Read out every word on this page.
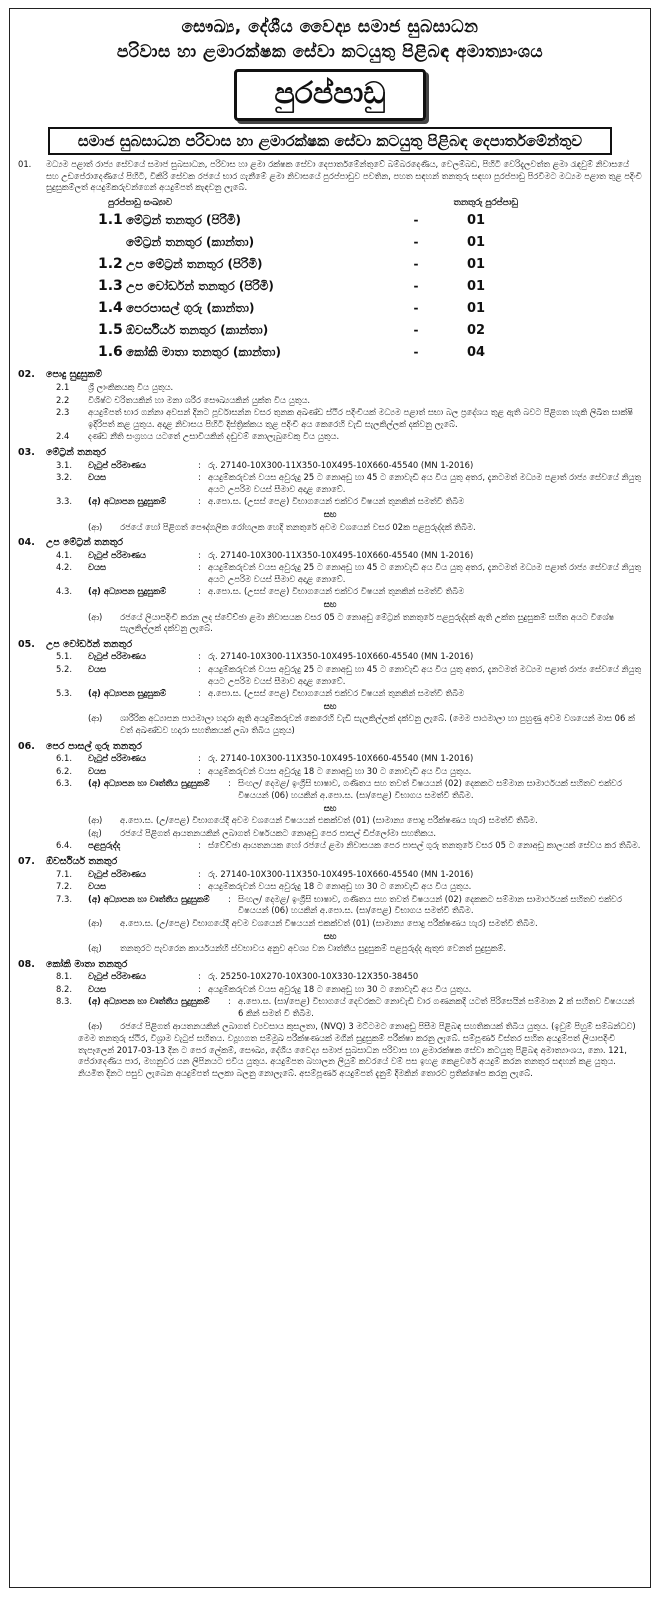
සෞඛ්‍ය, දේශීය වෛද්‍ය සමාජ සුබසාධන
පරිවාස හා ළමාරක්ෂක සේවා කටයුතු පිළිබඳ අමාත්‍යාංශය
පුරප්පාඩු
සමාජ සුබසාධන පරිවාස හා ළමාරක්ෂක සේවා කටයුතු පිළිබඳ දෙපාර්තමේන්තුව
01.	මධ්‍යම පළාත් රාජ්‍ය සේවයේ සමාජ සුබසාධන, පරිවාස හා ළමා රක්ෂක සේවා දෙපාර්තමේන්තුවේ බම්බරදෙණිය, වෙලම්බඩ, පිහිටි වෙරිදැලවත්ත ළමා රැඳවුම් නිවාසයේ සහ උඩපේරාදෙණියේ පිහිටි, විකිරි සේවක රජයේ භාර ගැනීමේ ළමා නිවාසයේ පුරප්පාඩුව පවතින, පහත සඳහන් තනතුරු සඳහා පුරප්පාඩු පිරවීමට මධ්‍යම පළාත තුළ පදිංචි සුදුසුකම්ලත් අයදුම්කරුවන්ගෙන් අයදුම්පත් කැඳවනු ලැබේ.
පුරප්පාඩු සංඛ්‍යාව	තනතුරු පුරප්පාඩු
1.1 මේට්‍රන් තනතුර (පිරිමි)	-	01
මේට්‍රන් තනතුර (කාන්තා)	-	01
1.2 උප මේට්‍රන් තනතුර (පිරිමි)	-	01
1.3 උප වෝර්ඩන් තනතුර (පිරිමි)	-	01
1.4 පෙරපාසල් ගුරු (කාන්තා)	-	01
1.5 ඕවර්සියර් තනතුර (කාන්තා)	-	02
1.6 කෝකි මාතා තනතුර (කාන්තා)	-	04
02.	පොදු සුදුසුකම්
2.1	ශ්‍රී ලාංකිකයකු විය යුතුය.
2.2	විශිෂ්ට චරිතයකින් හා මනා ශරීර සෞඛ්‍යයකින් යුක්ත විය යුතුය.
2.3	අයදුම්පත් භාර ගන්නා අවසන් දිනට පූර්වාසන්න වසර තුනක අඛණ්ඩ ස්ථිර පදිංචියක් මධ්‍යම පළාත් සභා බල ප්‍රදේශය තුළ ඇති බවට පිළිගත හැකි ලිඛිත සාක්ෂි ඉදිරිපත් කළ යුතුය. අදාළ නිවාසය පිහිටි දිස්ත්‍රික්කය තුළ පදිංචි අය කෙරෙහි වැඩි සැලකිල්ලක් දක්වනු ලැබේ.
2.4	දණ්ඩ නීති සංග්‍රහය යටතේ උසාවියකින් දඬුවම් නොලැබුවෙකු විය යුතුය.
03.	මේට්‍රන් තනතුර
3.1.	වැටුප් පරිමාණය	: රු. 27140-10X300-11X350-10X495-10X660-45540 (MN 1-2016)
3.2.	වයස	: අයදුම්කරුවන් වයස අවුරුදු 25 ට නොඅඩු හා 45 ට නොවැඩි අය විය යුතු අතර, දැනටමත් මධ්‍යම පළාත් රාජ්‍ය සේවයේ නියුතු අයට උපරිම වයස් සීමාව අදාළ නොවේ.
3.3.	(අ) අධ්‍යාපන සුදුසුකම්	: අ.පො.ස. (උසස් පෙළ) විභාගයෙන් එක්වර විෂයන් තුනකින් සමත්වී තිබීම
සහ
(ආ)	රජයේ හෝ පිළිගත් පෞද්ගලික රෝහලක හෙදි තනතුරේ අවම වශයෙන් වසර 02ක පළපුරුද්දක් තිබීම.
04.	උප මේට්‍රන් තනතුර
4.1.	වැටුප් පරිමාණය	: රු. 27140-10X300-11X350-10X495-10X660-45540 (MN 1-2016)
4.2.	වයස	: අයදුම්කරුවන් වයස අවුරුදු 25 ට නොඅඩු හා 45 ට නොවැඩි අය විය යුතු අතර, දැනටමත් මධ්‍යම පළාත් රාජ්‍ය සේවයේ නියුතු අයට උපරිම වයස් සීමාව අදාළ නොවේ.
4.3.	(අ) අධ්‍යාපන සුදුසුකම්	: අ.පො.ස. (උසස් පෙළ) විභාගයෙන් එක්වර විෂයන් තුනකින් සමත්වී තිබීම
සහ
(ආ)	රජයේ ලියාපදිංචි කරන ලද ස්වේච්ඡා ළමා නිවාසයක වසර 05 ට නොඅඩු මේට්‍රන් තනතුරේ පළපුරුද්දක් ඇති උක්ත සුදුසුකම් සහිත අයට විශේෂ සැලකිල්ලක් දක්වනු ලැබේ.
05.	උප වෝර්ඩන් තනතුර
5.1.	වැටුප් පරිමාණය	: රු. 27140-10X300-11X350-10X495-10X660-45540 (MN 1-2016)
5.2.	වයස	: අයදුම්කරුවන් වයස අවුරුදු 25 ට නොඅඩු හා 45 ට නොවැඩි අය විය යුතු අතර, දැනටමත් මධ්‍යම පළාත් රාජ්‍ය සේවයේ නියුතු අයට උපරිම වයස් සීමාව අදාළ නොවේ.
5.3.	(අ) අධ්‍යාපන සුදුසුකම්	: අ.පො.ස. (උසස් පෙළ) විභාගයෙන් එක්වර විෂයන් තුනකින් සමත්වී තිබීම
සහ
(ආ)	ශාරීරික අධ්‍යාපන පාඨමාලා හදාරා ඇති අයදුම්කරුවන් කෙරෙහි වැඩි සැලකිල්ලක් දක්වනු ලැබේ. (මෙම පාඨමාලා හා පුහුණු අවම වශයෙන් මාස 06 ක් වත් අඛණ්ඩව හදාරා සහතිකයක් ලබා තිබිය යුතුය)
06.	පෙර පාසල් ගුරු තනතුර
6.1.	වැටුප් පරිමාණය	: රු. 27140-10X300-11X350-10X495-10X660-45540 (MN 1-2016)
6.2.	වයස	: අයදුම්කරුවන් වයස අවුරුදු 18 ට නොඅඩු හා 30 ට නොවැඩි අය විය යුතුය.
6.3.	(අ) අධ්‍යාපන හා වෘත්තීය සුදුසුකම්	: සිංහල/ දෙමළ/ ඉංග්‍රීසි භාෂාව, ගණිතය සහ තවත් විෂයයන් (02) දෙකකට සම්මාන සාමාර්ථයක් සහිතව එක්වර විෂයයන් (06) හයකින් අ.පො.ස. (සා/පෙළ) විභාගය සමත්වී තිබීම.
සහ
(ආ)	අ.පො.ස. (උ/පෙළ) විභාගයේදී අවම වශයෙන් විෂයයන් එකක්වත් (01) (සාමාන්‍ය පොදු පරීක්ෂණය හැර) සමත්වී තිබීම.
(ඇ)	රජයේ පිළිගත් ආයතනයකින් ලබාගත් වර්ෂයකට නොඅඩු පෙර පාසල් ඩිප්ලෝමා සහතිකය.
6.4.	පළපුරුද්ද	: ස්වේච්ඡා ආයතනයක හෝ රජයේ ළමා නිවාසයක පෙර පාසල් ගුරු තනතුරේ වසර 05 ට නොඅඩු කාලයක් සේවය කර තිබීම.
07.	ඕවර්සියර් තනතුර
7.1.	වැටුප් පරිමාණය	: රු. 27140-10X300-11X350-10X495-10X660-45540 (MN 1-2016)
7.2.	වයස	: අයදුම්කරුවන් වයස අවුරුදු 18 ට නොඅඩු හා 30 ට නොවැඩි අය විය යුතුය.
7.3.	(අ) අධ්‍යාපන හා වෘත්තීය සුදුසුකම්	: සිංහල/ දෙමළ/ ඉංග්‍රීසි භාෂාව, ගණිතය සහ තවත් විෂයයන් (02) දෙකකට සම්මාන සාමාර්ථයක් සහිතව එක්වර විෂයයන් (06) හයකින් අ.පො.ස. (සා/පෙළ) විභාගය සමත්වී තිබීම.
(ආ)	අ.පො.ස. (උ/පෙළ) විභාගයේදී අවම වශයෙන් විෂයයන් එකක්වත් (01) (සාමාන්‍ය පොදු පරීක්ෂණය හැර) සමත්වී තිබීම.
සහ
(ඇ)	තනතුරට පැවරෙන කාර්යයන්හි ස්වභාවය අනුව අවශ්‍ය වන වෘත්තීය සුදුසුකම් පළපුරුද්ද ඇතුළු වෙනත් සුදුසුකම්.
08.	කෝකි මාතා තනතුර
8.1.	වැටුප් පරිමාණය	: රු. 25250-10X270-10X300-10X330-12X350-38450
8.2.	වයස	: අයදුම්කරුවන් වයස අවුරුදු 18 ට නොඅඩු හා 30 ට නොවැඩි අය විය යුතුය.
8.3.	(අ) අධ්‍යාපන හා වෘත්තීය සුදුසුකම්	: අ.පො.ස. (සා/පෙළ) විභාගයේ දෙවරකට නොවැඩි වාර ගණනකදී යටත් පිරිසෙයින් සම්මාන 2 ක් සහිතව විෂයයන් 6 කින් සමත් වී තිබීම.
(ආ)	රජයේ පිළිගත් ආයතනයකින් ලබාගත් ව්‍යවසාය කුසලතා, (NVQ) 3 මට්ටමට නොඅඩු පිසීම පිළිබඳ සහතිකයක් තිබිය යුතුය. (ඉවුම් පිහුම් සම්බන්ධව)
මෙම තනතුරු ස්ථිර, විශ්‍රාම වැටුප් සහිතය. ව්‍යූහගත සම්මුඛ පරීක්ෂණයක් මගින් සුදුසුකම් පරීක්ෂා කරනු ලැබේ. සම්පූර්ණ විස්තර සහිත අයදුම්පත් ලියාපදිංචි තැපෑලෙන් 2017-03-13 දින ට පෙර ලේකම්, සෞඛ්‍ය, දේශීය වෛද්‍ය සමාජ සුබසාධන පරිවාස හා ළමාරක්ෂක සේවා කටයුතු පිළිබඳ අමාත්‍යාංශය, නො. 121, පේරාදෙණිය පාර, මහනුවර යන ලිපිනයට එවිය යුතුය. අයදුම්පත බහාලන ලියුම් කවරයේ වම් පස ඉහළ කෙළවරේ අයදුම් කරන තනතුර සඳහන් කළ යුතුය. නියමිත දිනට පසුව ලැබෙන අයදුම්පත් සලකා බලනු නොලැබේ. අසම්පූර්ණ අයදුම්පත් දැනුම් දීමකින් තොරව ප්‍රතික්ෂේප කරනු ලැබේ.
